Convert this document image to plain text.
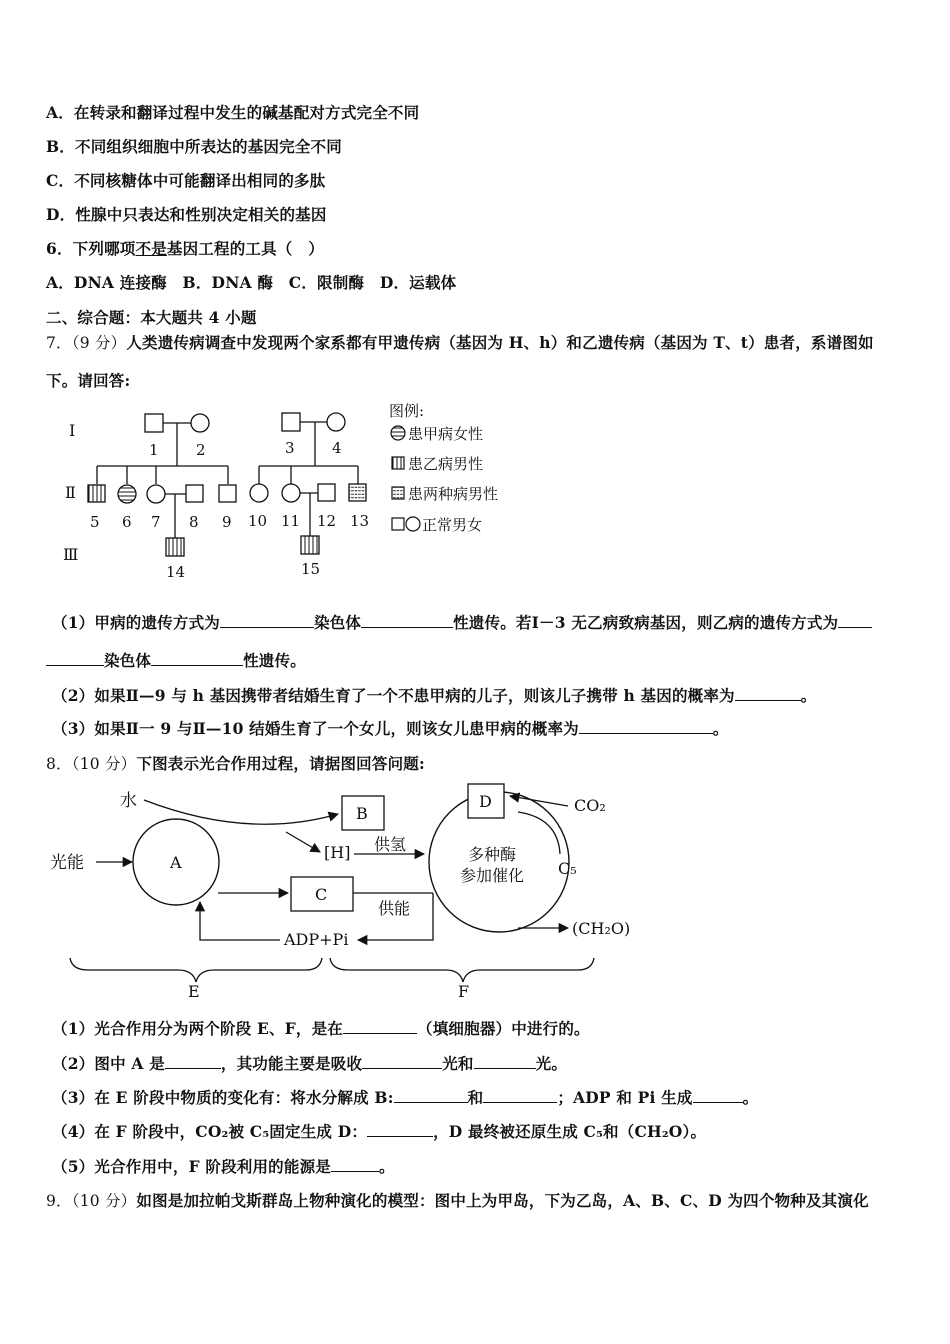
A．在转录和翻译过程中发生的碱基配对方式完全不同
B．不同组织细胞中所表达的基因完全不同
C．不同核糖体中可能翻译出相同的多肽
D．性腺中只表达和性别决定相关的基因
6．下列哪项不是基因工程的工具（　）
A．DNA 连接酶　B．DNA 酶　C．限制酶　D．运载体
二、综合题：本大题共 4 小题
7．（9 分）人类遗传病调查中发现两个家系都有甲遗传病（基因为 H、h）和乙遗传病（基因为 T、t）患者，系谱图如
下。请回答:
Ⅰ
Ⅱ
Ⅲ
1 2
5 6 7 8 9
14
3 4
10 11 12 13
15
图例:
患甲病女性
患乙病男性
患两种病男性
正常男女
（1）甲病的遗传方式为	染色体	性遗传。若Ⅰ－3 无乙病致病基因，则乙病的遗传方式为
染色体	性遗传。
（2）如果Ⅱ—9 与 h 基因携带者结婚生育了一个不患甲病的儿子，则该儿子携带 h 基因的概率为	。
（3）如果Ⅱ一 9 与Ⅱ—10 结婚生育了一个女儿，则该女儿患甲病的概率为	。
8．（10 分）下图表示光合作用过程，请据图回答问题:
水
光能	A
B
[H] 供氢
C
供能
ADP+Pi
多种酶
参加催化
D	CO₂
C₅
(CH₂O)
E	F
（1）光合作用分为两个阶段 E、F，是在	（填细胞器）中进行的。
（2）图中 A 是	，其功能主要是吸收	光和	光。
（3）在 E 阶段中物质的变化有：将水分解成 B:	和	；ADP 和 Pi 生成	。
（4）在 F 阶段中，CO₂被 C₅固定生成 D：	，D 最终被还原生成 C₅和（CH₂O）。
（5）光合作用中，F 阶段利用的能源是	。
9．（10 分）如图是加拉帕戈斯群岛上物种演化的模型：图中上为甲岛，下为乙岛，A、B、C、D 为四个物种及其演化
